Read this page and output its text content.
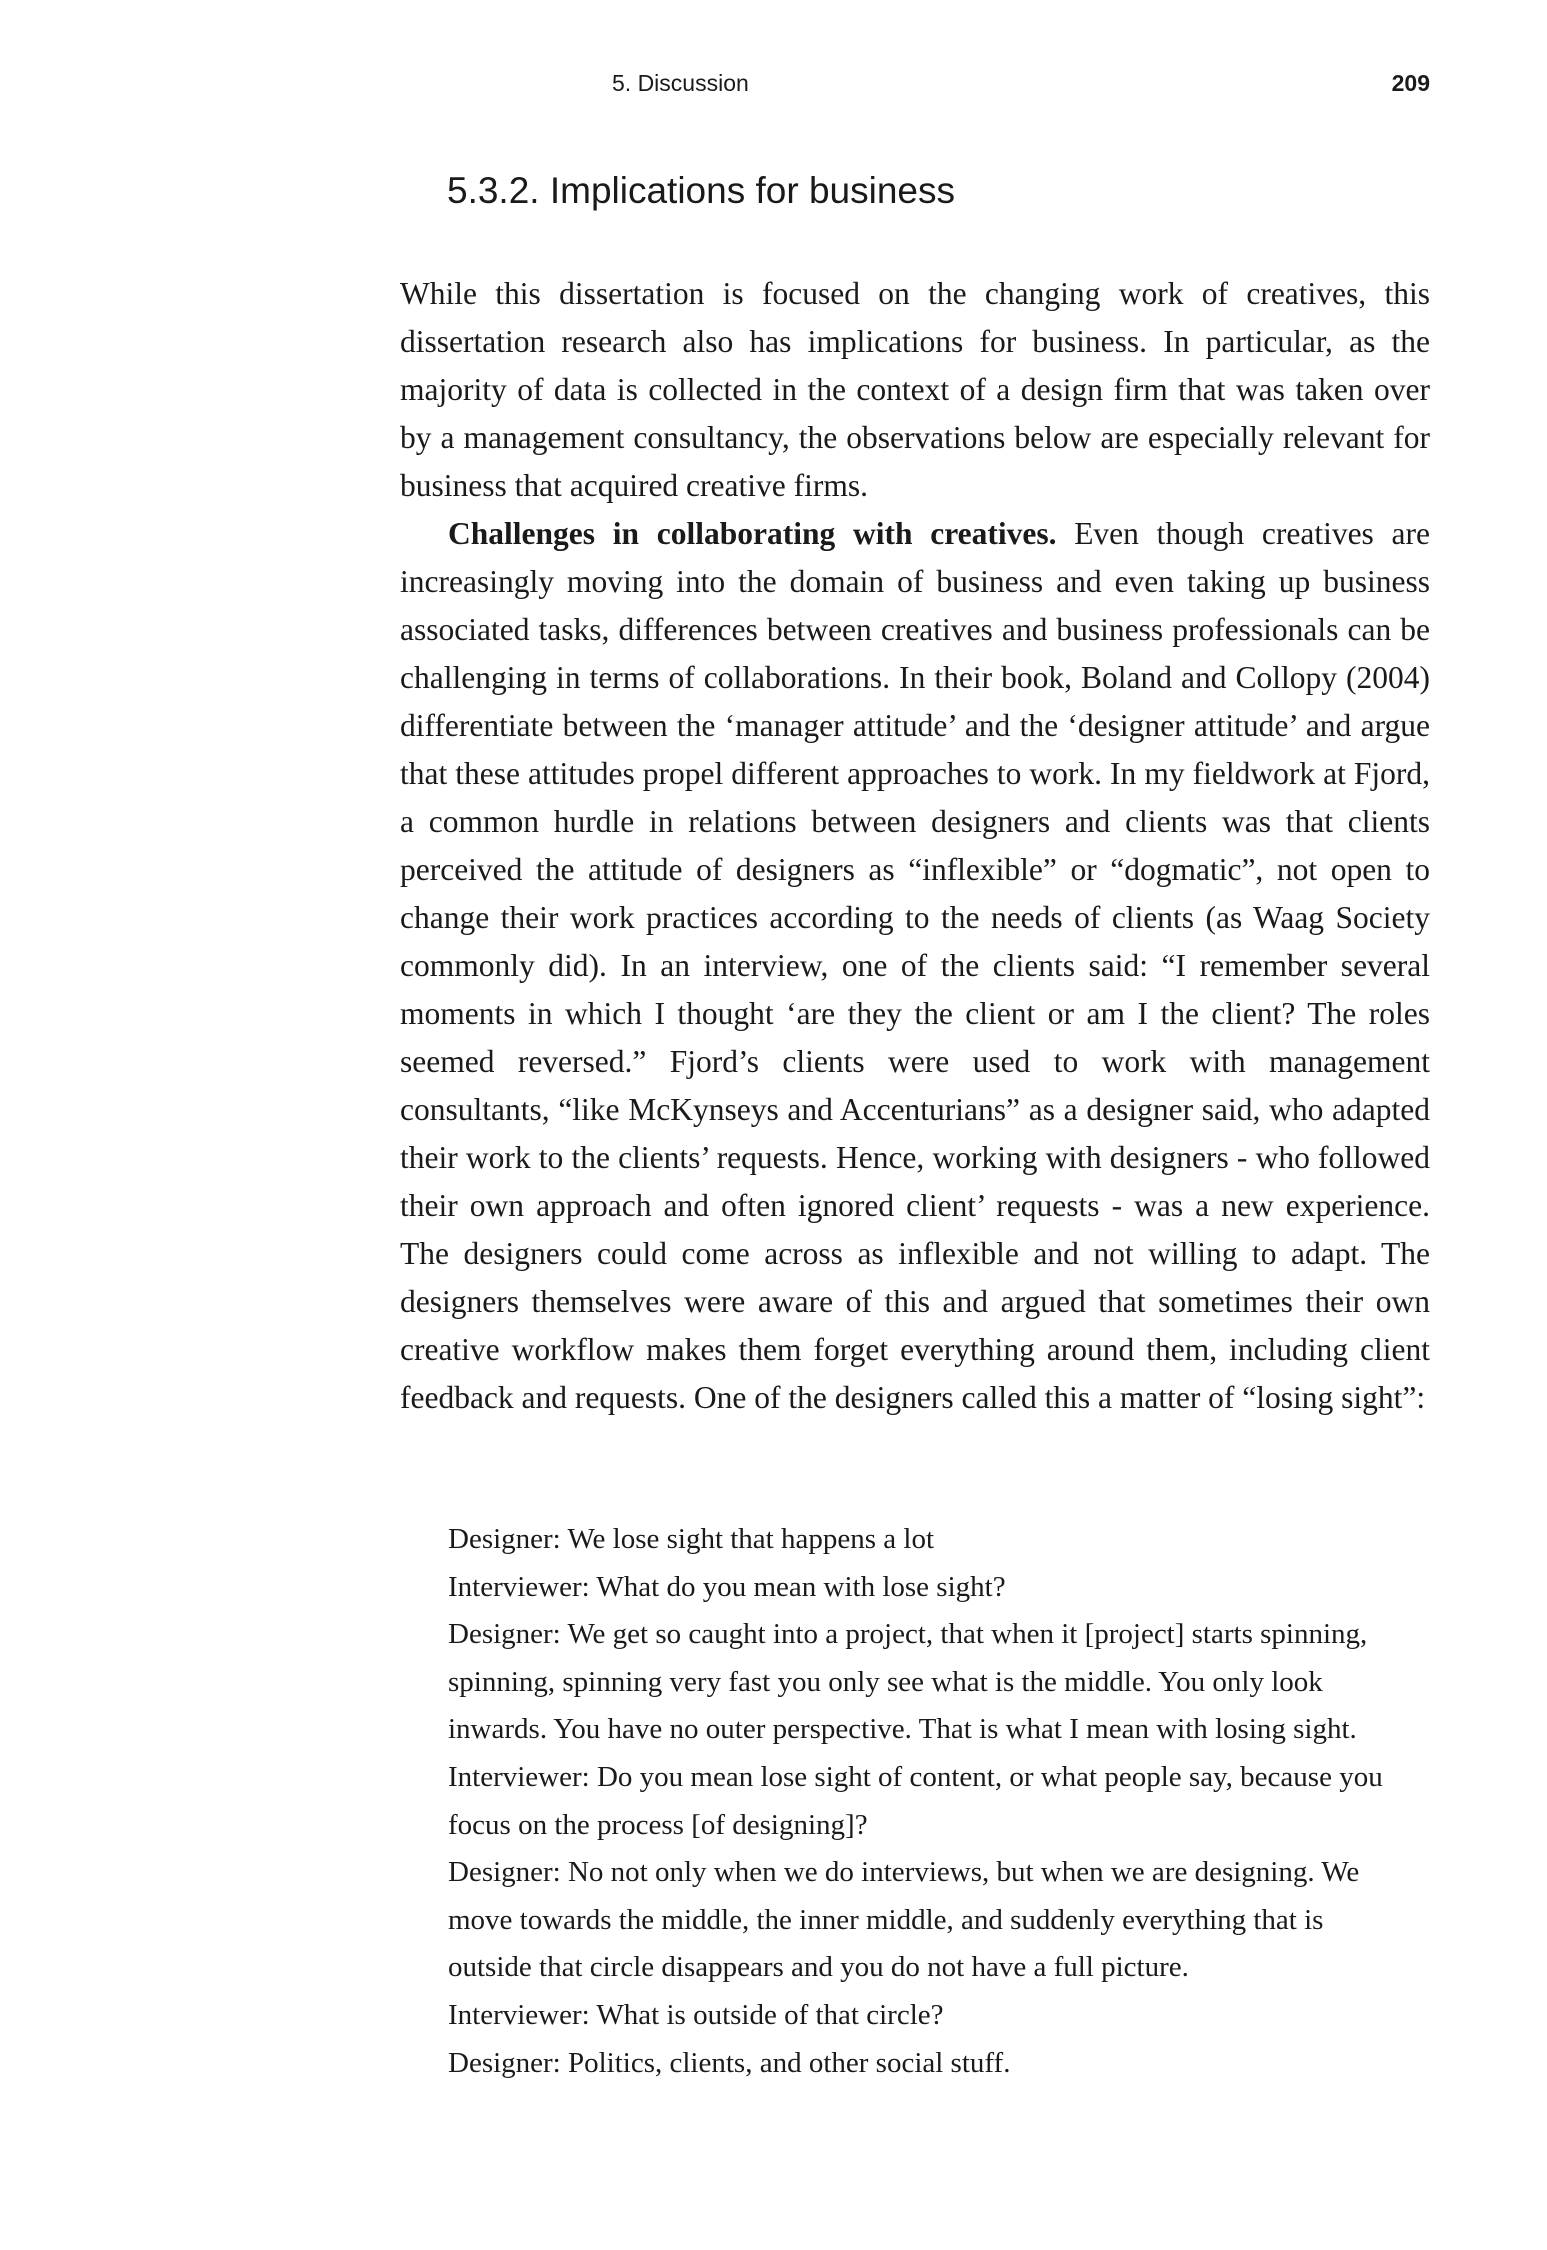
5. Discussion	209
5.3.2. Implications for business

While this dissertation is focused on the changing work of creatives, this dissertation research also has implications for business. In particular, as the majority of data is collected in the context of a design firm that was taken over by a management consultancy, the observations below are especially relevant for business that acquired creative firms.

Challenges in collaborating with creatives. Even though creatives are increasingly moving into the domain of business and even taking up business associated tasks, differences between creatives and business professionals can be challenging in terms of collaborations. In their book, Boland and Collopy (2004) differentiate between the ‘manager attitude’ and the ‘designer attitude’ and argue that these attitudes propel different approaches to work. In my fieldwork at Fjord, a common hurdle in relations between designers and clients was that clients perceived the attitude of designers as “inflexible” or “dogmatic”, not open to change their work practices according to the needs of clients (as Waag Society commonly did). In an interview, one of the clients said: “I remember several moments in which I thought ‘are they the client or am I the client? The roles seemed reversed.” Fjord’s clients were used to work with management consultants, “like McKynseys and Accenturians” as a designer said, who adapted their work to the clients’ requests. Hence, working with designers - who followed their own approach and often ignored client’ requests - was a new experience. The designers could come across as inflexible and not willing to adapt. The designers themselves were aware of this and argued that sometimes their own creative workflow makes them forget everything around them, including client feedback and requests. One of the designers called this a matter of “losing sight”:

Designer: We lose sight that happens a lot

Interviewer: What do you mean with lose sight?

Designer: We get so caught into a project, that when it [project] starts spinning, spinning, spinning very fast you only see what is the middle. You only look inwards. You have no outer perspective. That is what I mean with losing sight.

Interviewer: Do you mean lose sight of content, or what people say, because you focus on the process [of designing]?

Designer: No not only when we do interviews, but when we are designing. We move towards the middle, the inner middle, and suddenly everything that is outside that circle disappears and you do not have a full picture.

Interviewer: What is outside of that circle?

Designer: Politics, clients, and other social stuff.
